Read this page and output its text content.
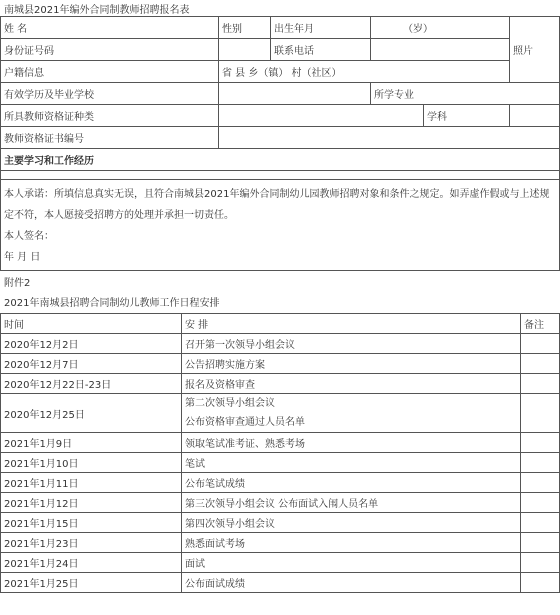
南城县2021年编外合同制教师招聘报名表
姓 名	性别	出生年月	（岁）		照片
身份证号码		联系电话			
户籍信息	省 县 乡（镇） 村（社区）				
有效学历及毕业学校			所学专业		
所具教师资格证种类				学科	
教师资格证书编号					
主要学习和工作经历					

本人承诺：所填信息真实无误，且符合南城县2021年编外合同制幼儿园教师招聘对象和条件之规定。如弄虚作假或与上述规定不符，本人愿接受招聘方的处理并承担一切责任。
本人签名：
年 月 日					
附件2
2021年南城县招聘合同制幼儿教师工作日程安排
时间	安 排	备注
2020年12月2日	召开第一次领导小组会议	
2020年12月7日	公告招聘实施方案	
2020年12月22日-23日	报名及资格审查	
2020年12月25日	第二次领导小组会议
公布资格审查通过人员名单	

2021年1月9日	领取笔试准考证、熟悉考场	
2021年1月10日	笔试	
2021年1月11日	公布笔试成绩	
2021年1月12日	第三次领导小组会议 公布面试入闱人员名单	
2021年1月15日	第四次领导小组会议	
2021年1月23日	熟悉面试考场	
2021年1月24日	面试	
2021年1月25日	公布面试成绩	
